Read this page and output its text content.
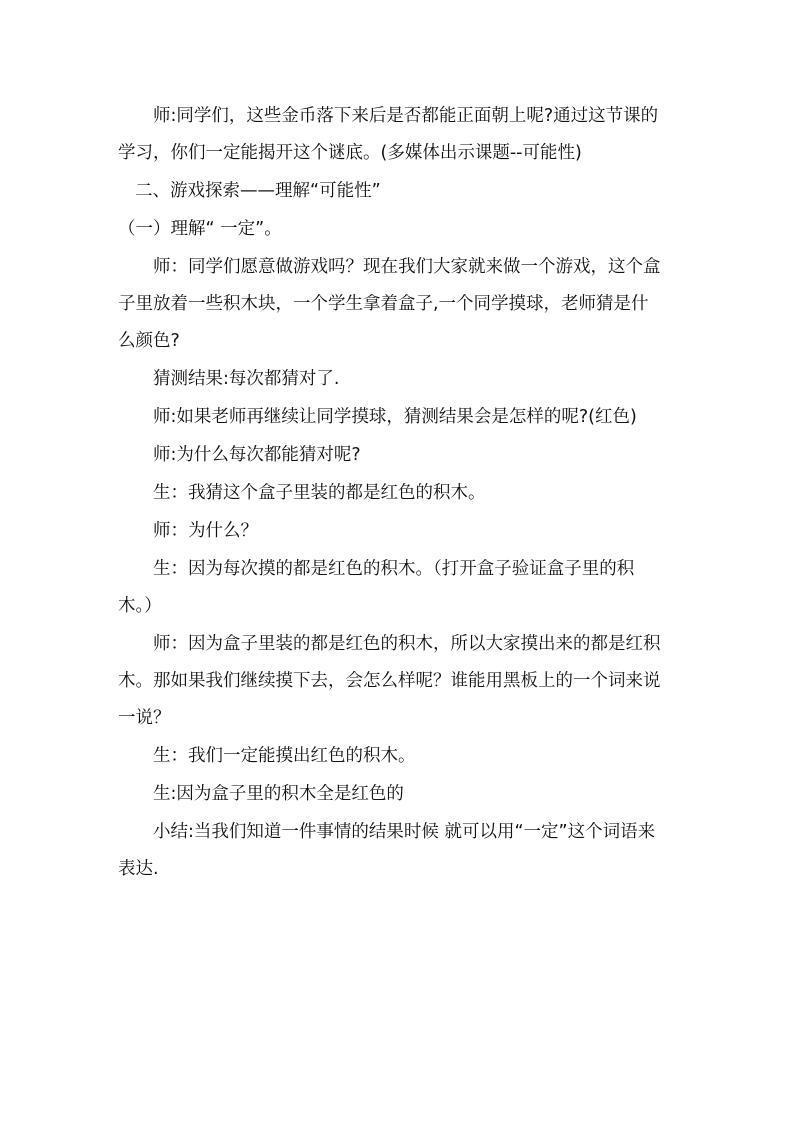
师:同学们，这些金币落下来后是否都能正面朝上呢?通过这节课的学习，你们一定能揭开这个谜底。(多媒体出示课题--可能性)

二、游戏探索——理解“可能性”

（一）理解“ 一定”。

师：同学们愿意做游戏吗？现在我们大家就来做一个游戏，这个盒子里放着一些积木块，一个学生拿着盒子,一个同学摸球，老师猜是什么颜色?

猜测结果:每次都猜对了.

师:如果老师再继续让同学摸球，猜测结果会是怎样的呢?(红色)

师:为什么每次都能猜对呢?

生：我猜这个盒子里装的都是红色的积木。

师：为什么？

生：因为每次摸的都是红色的积木。（打开盒子验证盒子里的积木。）

师：因为盒子里装的都是红色的积木，所以大家摸出来的都是红积木。那如果我们继续摸下去，会怎么样呢？谁能用黑板上的一个词来说一说？

生：我们一定能摸出红色的积木。

生:因为盒子里的积木全是红色的

小结:当我们知道一件事情的结果时候 就可以用“一定”这个词语来表达.
